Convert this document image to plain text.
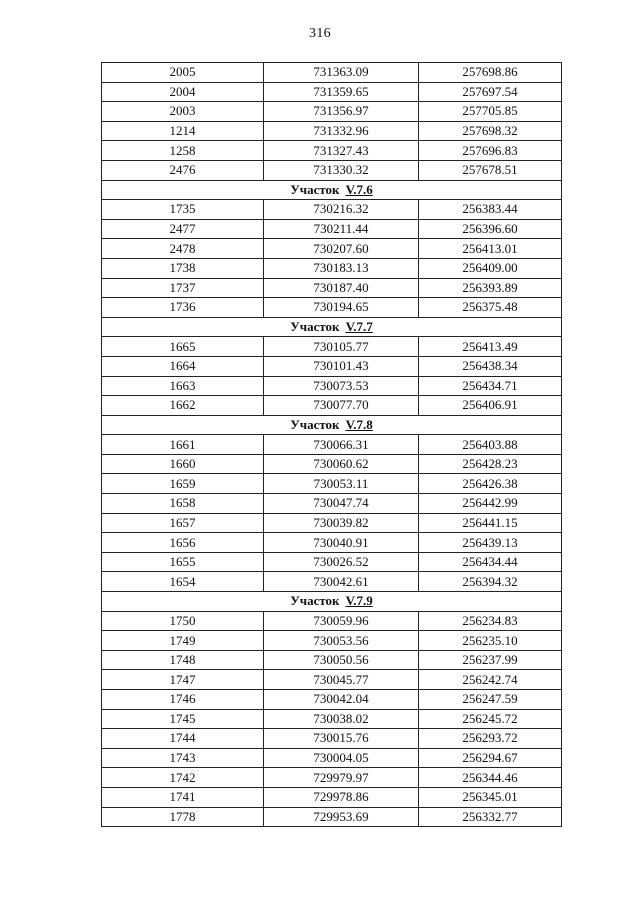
316
2005	731363.09	257698.86
2004	731359.65	257697.54
2003	731356.97	257705.85
1214	731332.96	257698.32
1258	731327.43	257696.83
2476	731330.32	257678.51
Участок V.7.6		
1735	730216.32	256383.44
2477	730211.44	256396.60
2478	730207.60	256413.01
1738	730183.13	256409.00
1737	730187.40	256393.89
1736	730194.65	256375.48
Участок V.7.7		
1665	730105.77	256413.49
1664	730101.43	256438.34
1663	730073.53	256434.71
1662	730077.70	256406.91
Участок V.7.8		
1661	730066.31	256403.88
1660	730060.62	256428.23
1659	730053.11	256426.38
1658	730047.74	256442.99
1657	730039.82	256441.15
1656	730040.91	256439.13
1655	730026.52	256434.44
1654	730042.61	256394.32
Участок V.7.9		
1750	730059.96	256234.83
1749	730053.56	256235.10
1748	730050.56	256237.99
1747	730045.77	256242.74
1746	730042.04	256247.59
1745	730038.02	256245.72
1744	730015.76	256293.72
1743	730004.05	256294.67
1742	729979.97	256344.46
1741	729978.86	256345.01
1778	729953.69	256332.77
